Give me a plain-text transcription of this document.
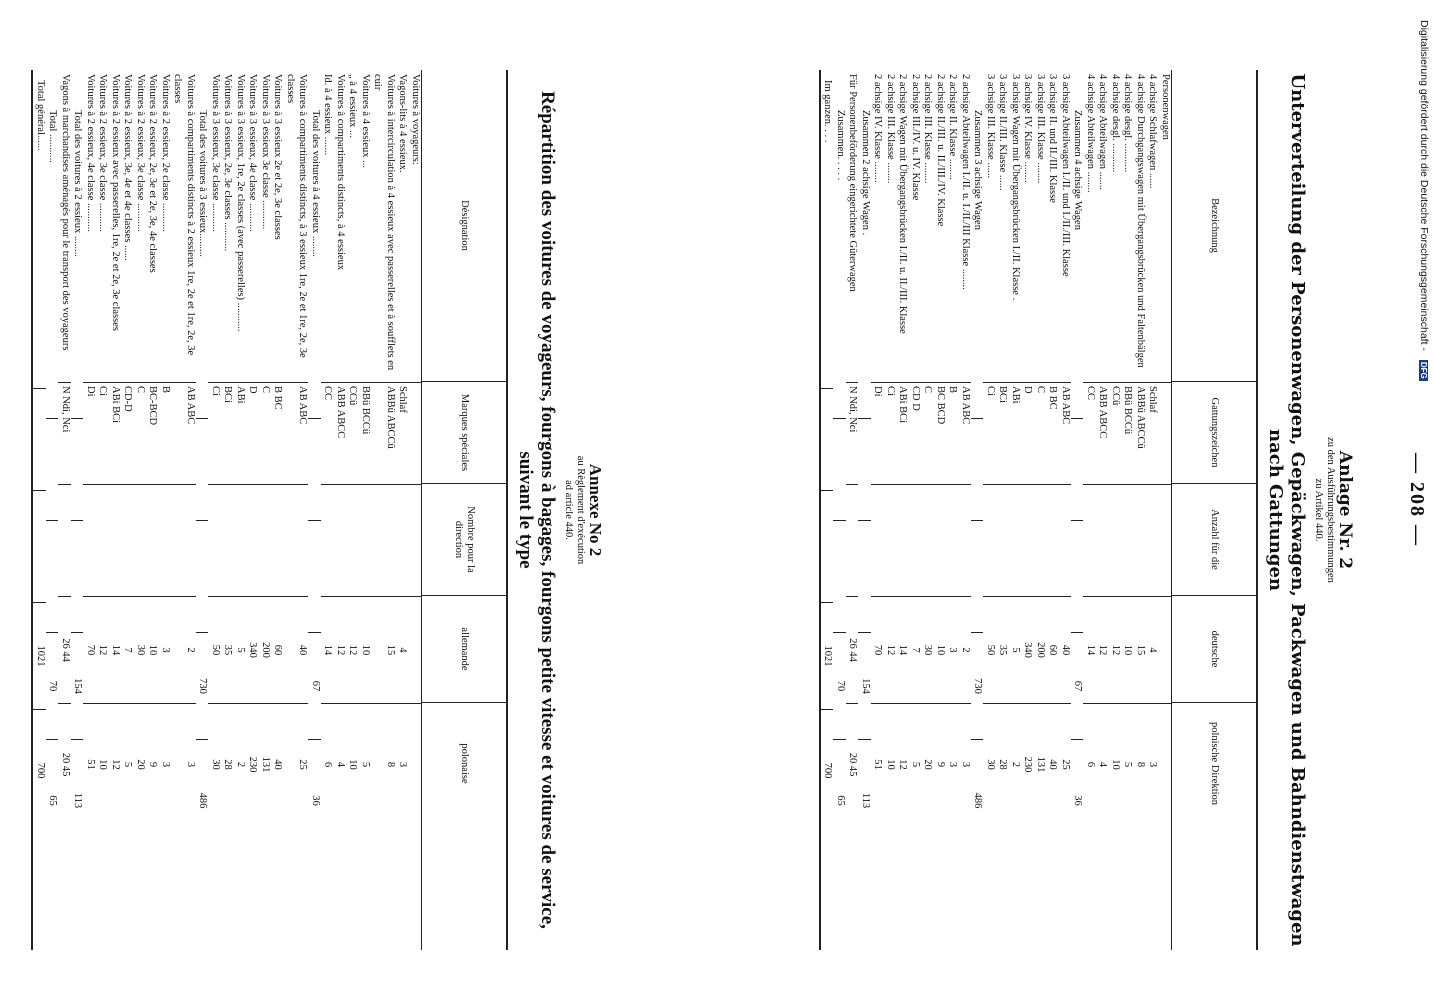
Digitalisierung gefördert durch die Deutsche Forschungsgemeinschaft - DFG
— 208 —
Anlage Nr. 2
zu den Ausführungsbestimmungen
zu Artikel 440.
Unterverteilung der Personenwagen, Gepäckwagen, Packwagen und Bahndienstwagen nach Gattungen
Bezeichnung
Gattungszeichen
Anzahl für die
deutsche
polnische Direktion
Personenwagen
4 achsige Schlafwagen ......
Schlaf
4
3
4 achsige Durchgangswagen mit Übergangsbrücken und Faltenbälgen
ABBü ABCCü
15
8
4 achsige desgl. ...........
BBü BCCü
10
5
4 achsige desgl. ...........
CCü
12
10
4 achsige Abteilwagen .......
ABB ABCC
12
4
4 achsige Abteilwagen ........
CC
14
6
Zusammen 4 achsige Wagen
67
36
3 achsige Abteilwagen I./II. und I./II./III. Klasse
AB ABC
40
25
3 achsige II. und II./III. Klasse
B BC
60
40
3 achsige III. Klasse ........
C
200
131
3 achsige IV. Klasse ........
D
340
230
3 achsige Wagen mit Übergangsbrücken I./II. Klasse .
ABi
5
2
3 achsige II./III. Klasse ......
BCi
35
28
3 achsige III. Klasse ......
Ci
50
30
Zusammen 3 achsige Wagen
730
486
2 achsige Abteilwagen I./II. u. I./II./III Klasse ........
AB ABC
2
3
2 achsige II. Klasse ........
B
3
3
2 achsige II./III. u. II./III./IV. Klasse
BC BCD
10
9
2 achsige III. Klasse ........
C
30
20
2 achsige III./IV. u. IV. Klasse
CD D
7
5
2 achsige Wagen mit Übergangsbrücken I./II. u. II./III. Klasse
ABi BCi
14
12
2 achsige III. Klasse ........
Ci
12
10
2 achsige IV. Klasse ........
Di
70
51
Zusammen 2 achsige Wagen .
154
113
Für Personenbeförderung eingerichtete Güterwagen
N Ndi, Nci
26 44
20 45
Zusammen. . . . .
70
65
Im ganzen. . . .
1021
700
Annexe No 2
au Règlement d'exécution
ad article 440.
Répartition des voitures de voyageurs, fourgons à bagages, fourgons petite vitesse et voitures de service, suivant le type
Désignation
Marques spéciales
Nombre pour la direction
allemande
polonaise
Voitures à voyageurs:
Vagons-lits à 4 essieux.
Schlaf
4
3
Voitures à intercirculation à 4 essieux avec passerelles et à soufflets en cuir
ABBü ABCCü
15
8
Voitures à 4 essieux ...
BBü BCCü
10
5
„ à 4 essieux ...
CCü
12
10
Voitures à compartiments distincts, à 4 essieux
ABB ABCC
12
4
Id. à 4 essieux .......
CC
14
6
Total des voitures à 4 essieux ........
67
36
Voitures à compartiments distincts, à 3 essieux 1re, 2e et 1re, 2e, 3e classes
AB ABC
40
25
Voitures à 3 essieux 2e et 2e, 3e classes
B BC
60
40
Voitures à 3 essieux 3e classe ...........
C
200
131
Voitures à 3 essieux, 4e classe ...........
D
340
230
Voitures à 3 essieux, 1re, 2e classes (avec passerelles) ...........
ABi
5
2
Voitures à 3 essieux, 2e, 3e classes ...........
BCi
35
28
Voitures à 3 essieux, 3e classe ...........
Ci
50
30
Total des voitures à 3 essieux.........
730
486
Voitures à compartiments distincts à 2 essieux 1re, 2e et 1re, 2e, 3e classes
AB ABC
2
3
Voitures à 2 essieux, 2e classe ...........
B
3
3
Voitures à 2 essieux, 2e, 3e et 2e, 3e, 4e classes
BC-BCD
10
9
Voitures à 2 essieux, 3e classe ...........
C
30
20
Voitures à 2 essieux, 3e, 4e et 4e classes ......
CD-D
7
5
Voitures à 2 essieux avec passerelles, 1re, 2e et 2e, 3e classes
ABi BCi
14
12
Voitures à 2 essieux, 3e classe ...........
Ci
12
10
Voitures à 2 essieux, 4e classe ...........
Di
70
51
Total des voitures à 2 essieux ........
154
113
Vagons à marchandises aménagés pour le transport des voyageurs
N Ndi, Nci
26 44
20 45
Total ...........
70
65
Total général......
1021
700
